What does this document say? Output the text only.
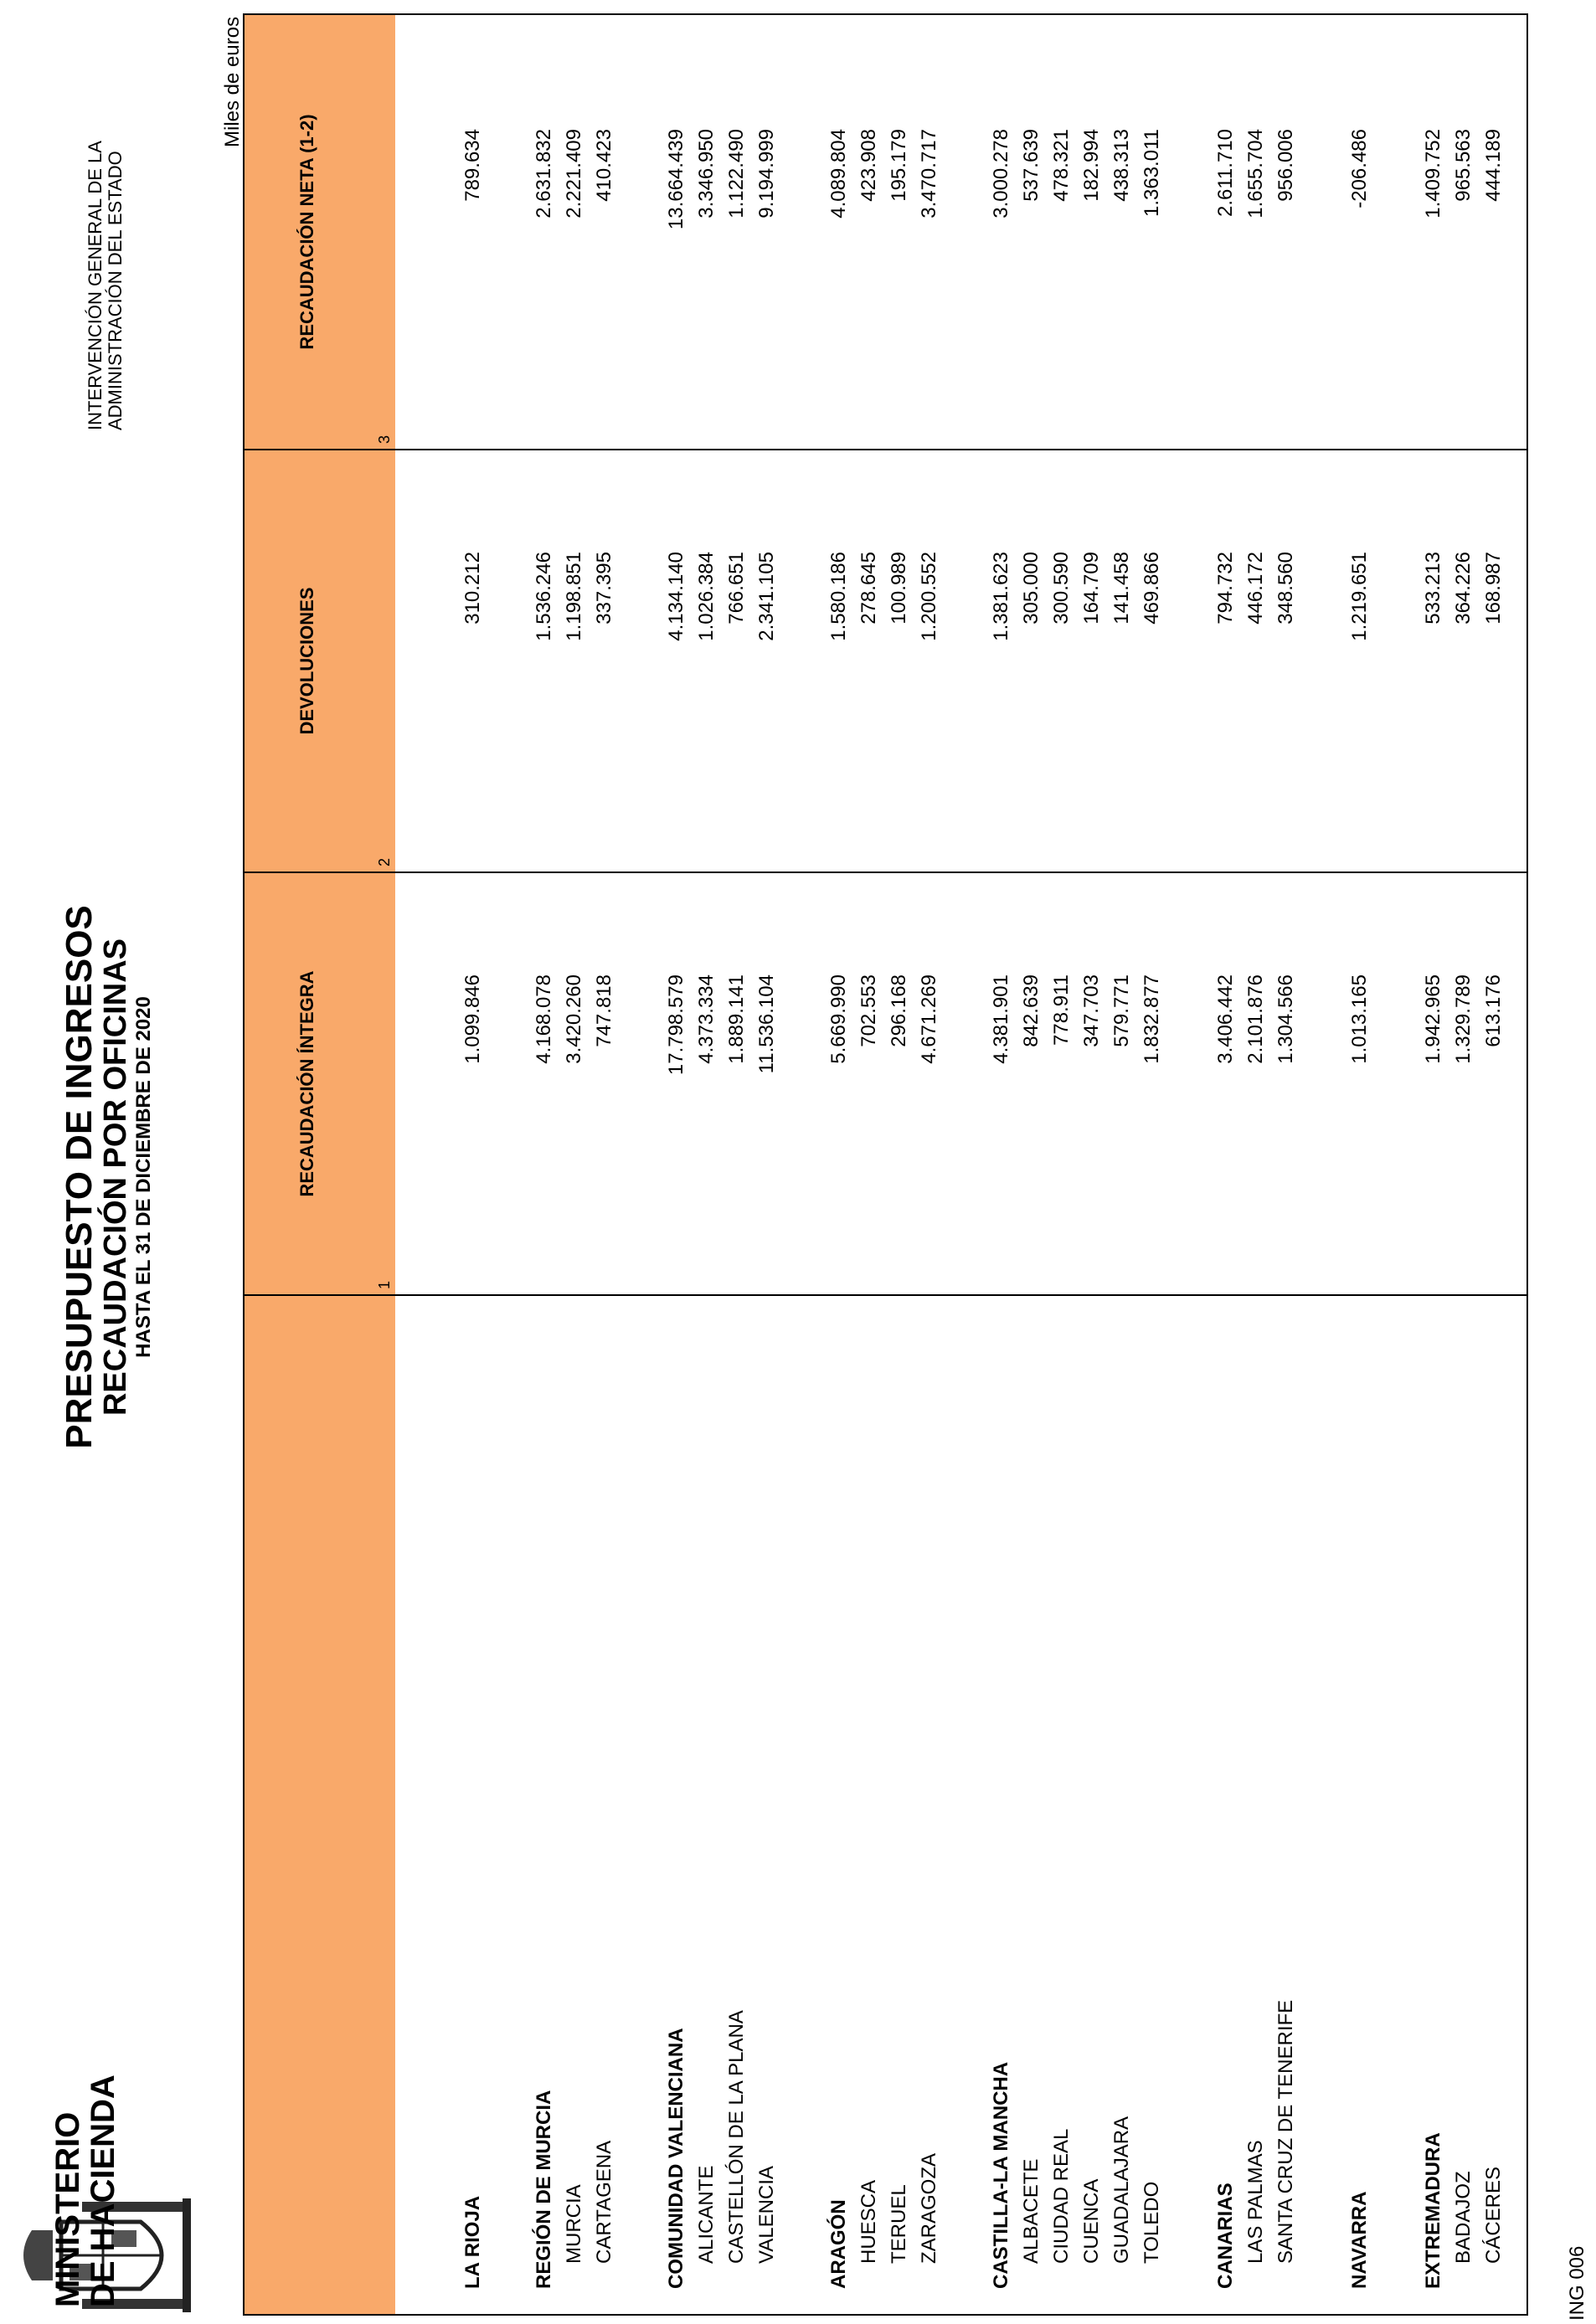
MINISTERIO
DE HACIENDA
PRESUPUESTO DE INGRESOS
RECAUDACIÓN POR OFICINAS HASTA EL 31 DE DICIEMBRE DE 2020
INTERVENCIÓN GENERAL DE LA ADMINISTRACIÓN DEL ESTADO
Miles de euros
ING 006
RECAUDACIÓN ÍNTEGRA
1
DEVOLUCIONES
2
RECAUDACIÓN NETA (1-2)
3
LA RIOJA
1.099.846
310.212
789.634
REGIÓN DE MURCIA
4.168.078
1.536.246
2.631.832
MURCIA
3.420.260
1.198.851
2.221.409
CARTAGENA
747.818
337.395
410.423
COMUNIDAD VALENCIANA
17.798.579
4.134.140
13.664.439
ALICANTE
4.373.334
1.026.384
3.346.950
CASTELLÓN DE LA PLANA
1.889.141
766.651
1.122.490
VALENCIA
11.536.104
2.341.105
9.194.999
ARAGÓN
5.669.990
1.580.186
4.089.804
HUESCA
702.553
278.645
423.908
TERUEL
296.168
100.989
195.179
ZARAGOZA
4.671.269
1.200.552
3.470.717
CASTILLA-LA MANCHA
4.381.901
1.381.623
3.000.278
ALBACETE
842.639
305.000
537.639
CIUDAD REAL
778.911
300.590
478.321
CUENCA
347.703
164.709
182.994
GUADALAJARA
579.771
141.458
438.313
TOLEDO
1.832.877
469.866
1.363.011
CANARIAS
3.406.442
794.732
2.611.710
LAS PALMAS
2.101.876
446.172
1.655.704
SANTA CRUZ DE TENERIFE
1.304.566
348.560
956.006
NAVARRA
1.013.165
1.219.651
-206.486
EXTREMADURA
1.942.965
533.213
1.409.752
BADAJOZ
1.329.789
364.226
965.563
CÁCERES
613.176
168.987
444.189
